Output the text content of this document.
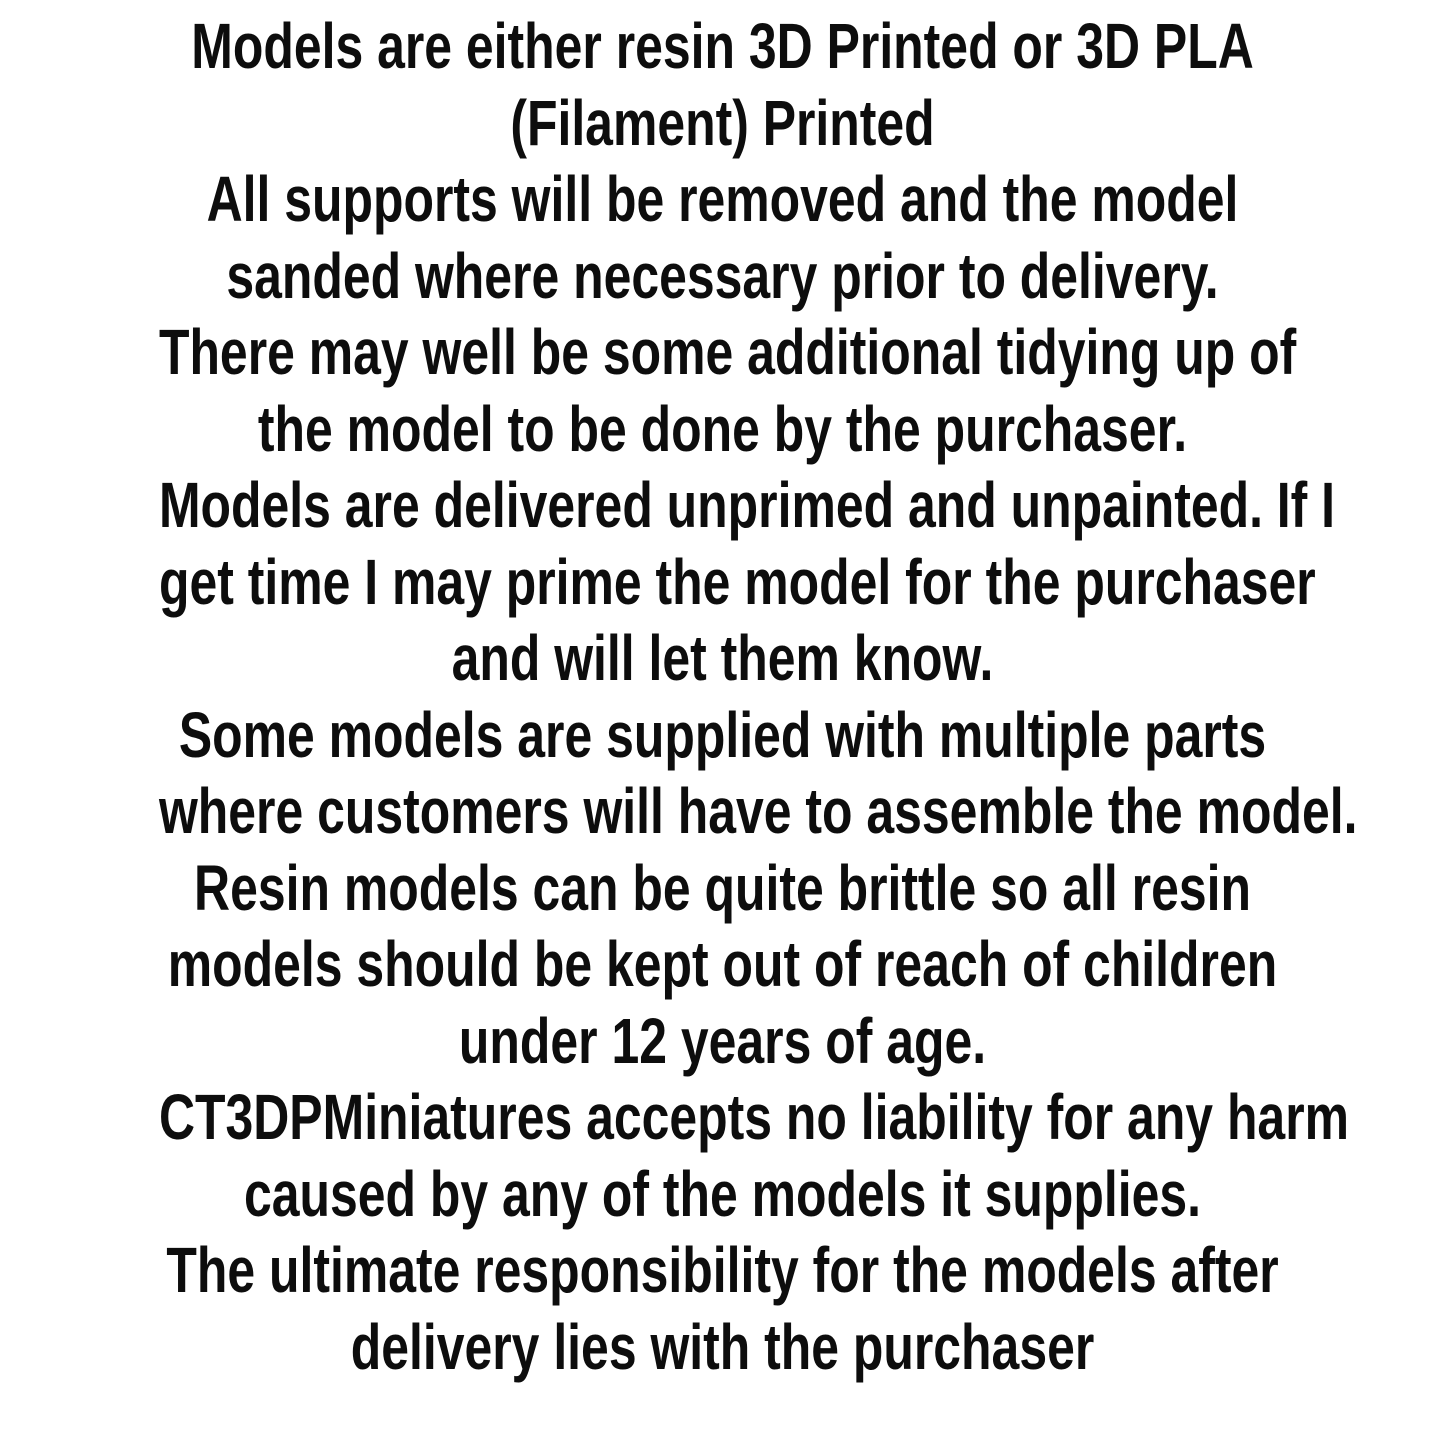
Models are either resin 3D Printed or 3D PLA
(Filament) Printed
All supports will be removed and the model
sanded where necessary prior to delivery.
There may well be some additional tidying up of
the model to be done by the purchaser.
Models are delivered unprimed and unpainted. If I
get time I may prime the model for the purchaser
and will let them know.
Some models are supplied with multiple parts
where customers will have to assemble the model.
Resin models can be quite brittle so all resin
models should be kept out of reach of children
under 12 years of age.
CT3DPMiniatures accepts no liability for any harm
caused by any of the models it supplies.
The ultimate responsibility for the models after
delivery lies with the purchaser
